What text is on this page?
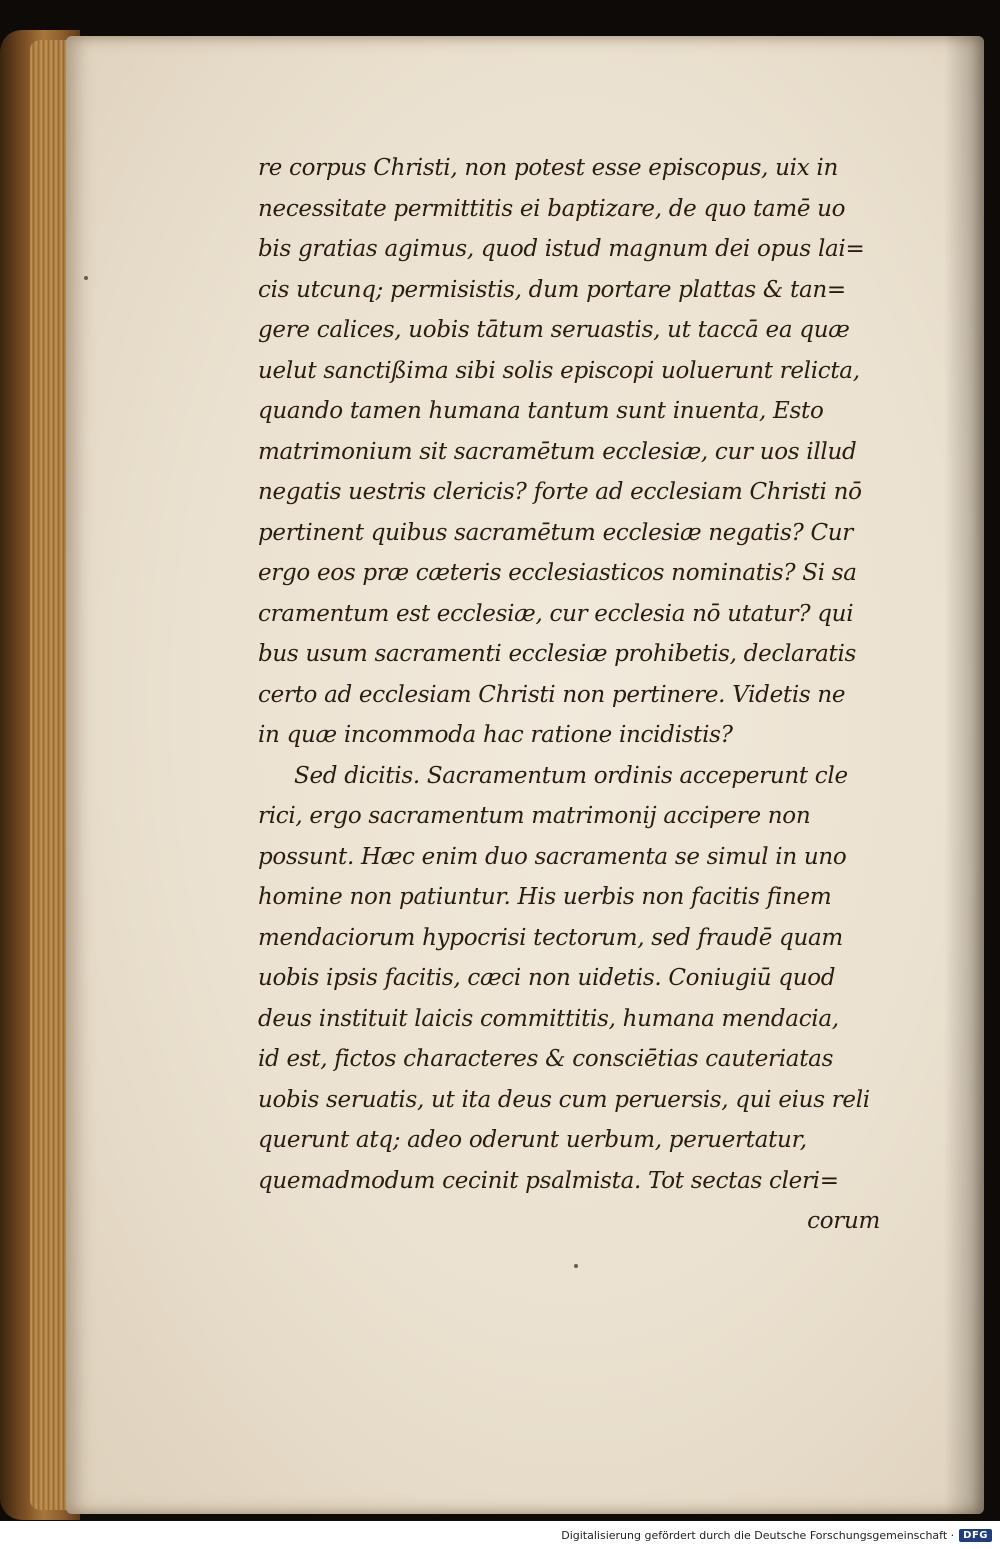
re corpus Christi, non potest esse episcopus, uix in
necessitate permittitis ei baptizare, de quo tamē uo
bis gratias agimus, quod istud magnum dei opus lai=
cis utcunq; permisistis, dum portare plattas & tan=
gere calices, uobis tātum seruastis, ut taccā ea quæ
uelut sanctißima sibi solis episcopi uoluerunt relicta,
quando tamen humana tantum sunt inuenta, Esto
matrimonium sit sacramētum ecclesiæ, cur uos illud
negatis uestris clericis? forte ad ecclesiam Christi nō
pertinent quibus sacramētum ecclesiæ negatis? Cur
ergo eos præ cæteris ecclesiasticos nominatis? Si sa
cramentum est ecclesiæ, cur ecclesia nō utatur? qui
bus usum sacramenti ecclesiæ prohibetis, declaratis
certo ad ecclesiam Christi non pertinere. Videtis ne
in quæ incommoda hac ratione incidistis?
Sed dicitis. Sacramentum ordinis acceperunt cle
rici, ergo sacramentum matrimonij accipere non
possunt. Hæc enim duo sacramenta se simul in uno
homine non patiuntur. His uerbis non facitis finem
mendaciorum hypocrisi tectorum, sed fraudē quam
uobis ipsis facitis, cæci non uidetis. Coniugiū quod
deus instituit laicis committitis, humana mendacia,
id est, fictos characteres & consciētias cauteriatas
uobis seruatis, ut ita deus cum peruersis, qui eius reli
querunt atq; adeo oderunt uerbum, peruertatur,
quemadmodum cecinit psalmista. Tot sectas cleri=
corum
Digitalisierung gefördert durch die Deutsche Forschungsgemeinschaft · DFG
